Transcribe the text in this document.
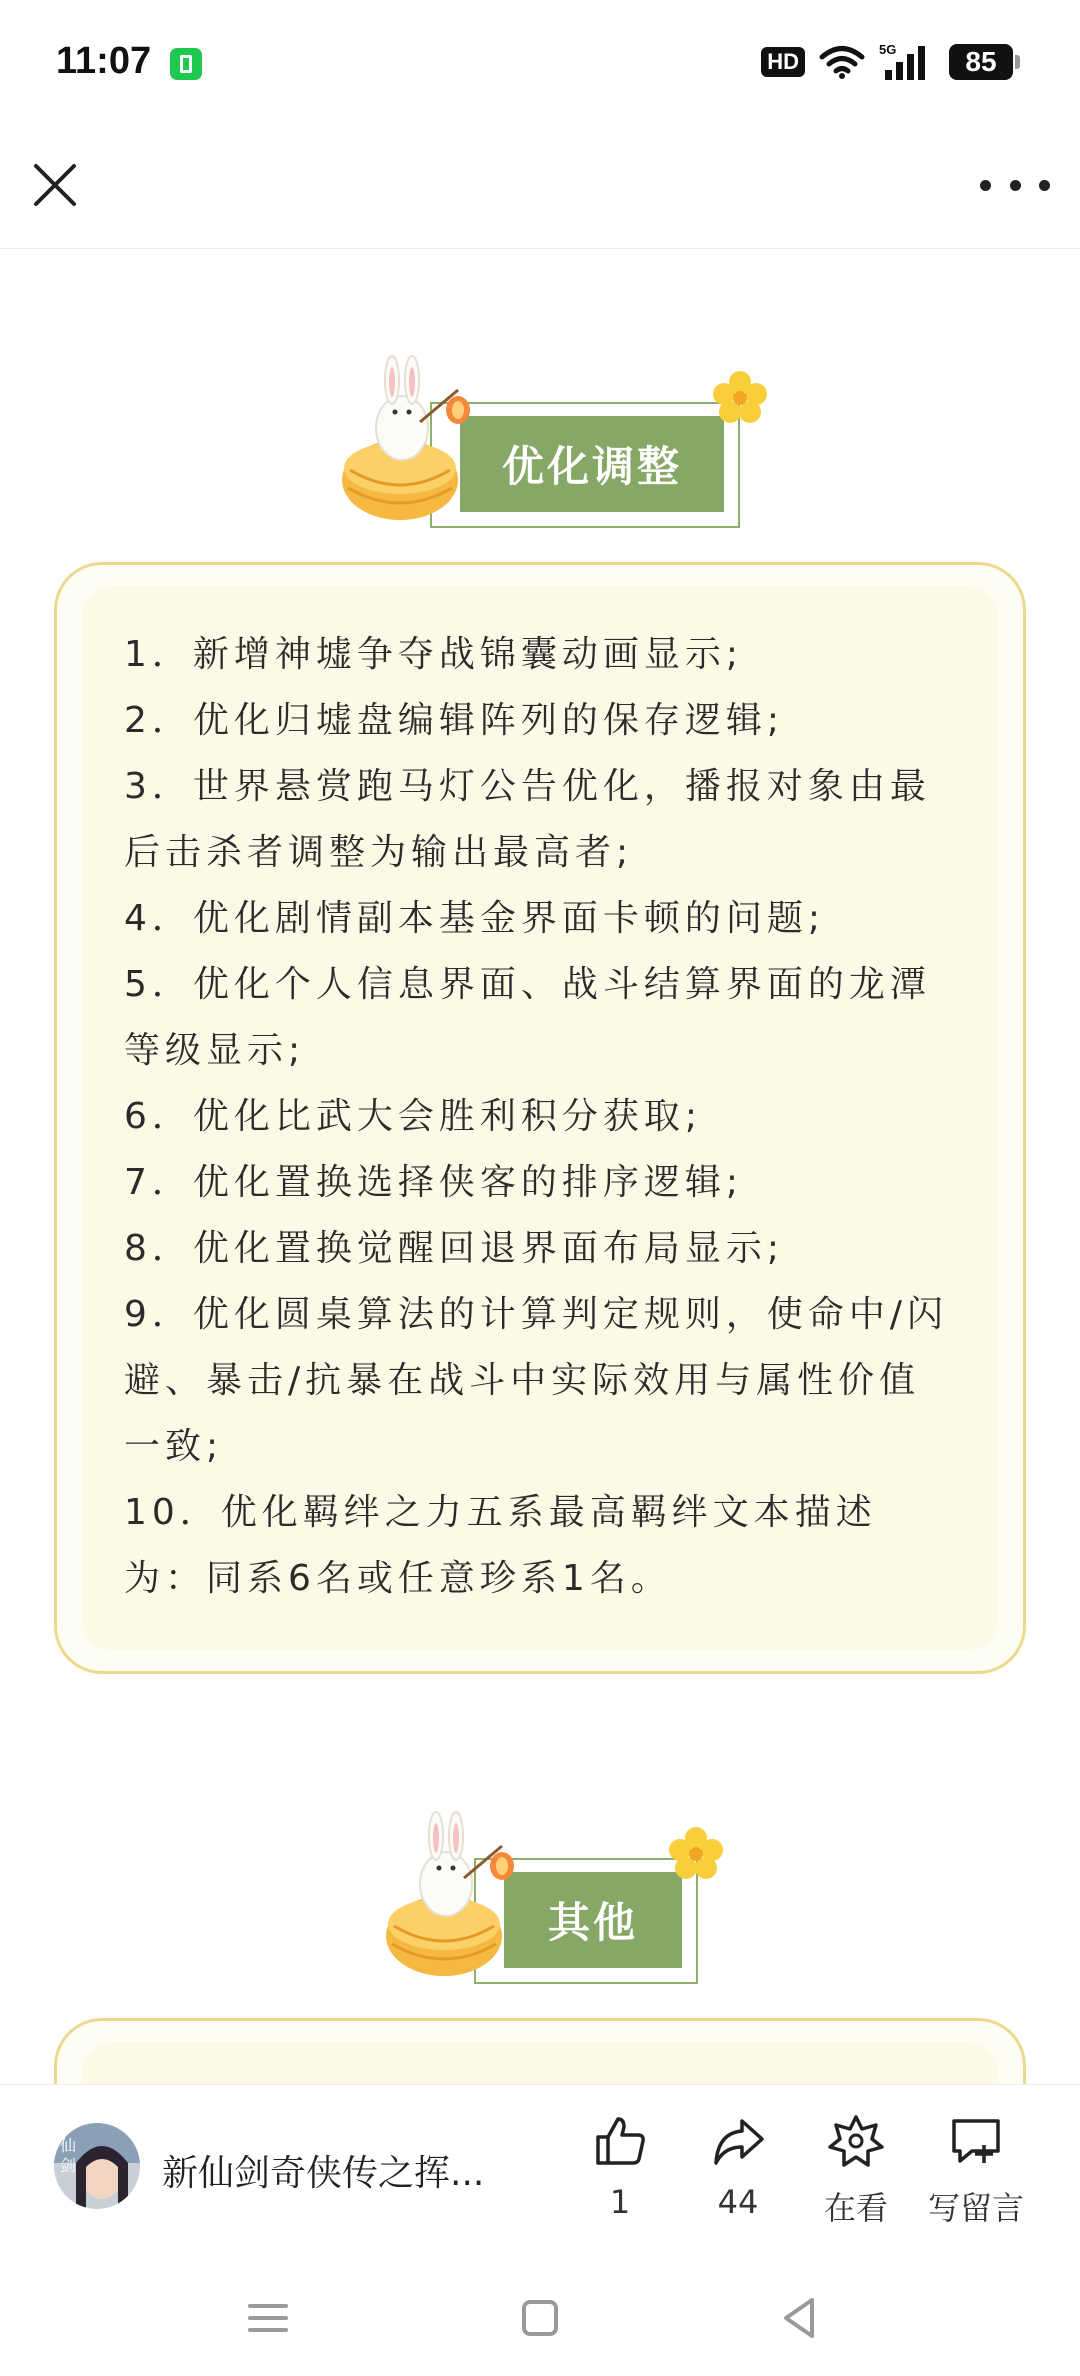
11:07	HD	5G	85
优化调整
1．新增神墟争夺战锦囊动画显示;
2．优化归墟盘编辑阵列的保存逻辑;
3．世界悬赏跑马灯公告优化，播报对象由最后击杀者调整为输出最高者;
4．优化剧情副本基金界面卡顿的问题;
5．优化个人信息界面、战斗结算界面的龙潭等级显示;
6．优化比武大会胜利积分获取;
7．优化置换选择侠客的排序逻辑;
8．优化置换觉醒回退界面布局显示;
9．优化圆桌算法的计算判定规则，使命中/闪避、暴击/抗暴在战斗中实际效用与属性价值一致;
10．优化羁绊之力五系最高羁绊文本描述为：同系6名或任意珍系1名。
其他
仙
剑 新仙剑奇侠传之挥...
1	44	在看	写留言
